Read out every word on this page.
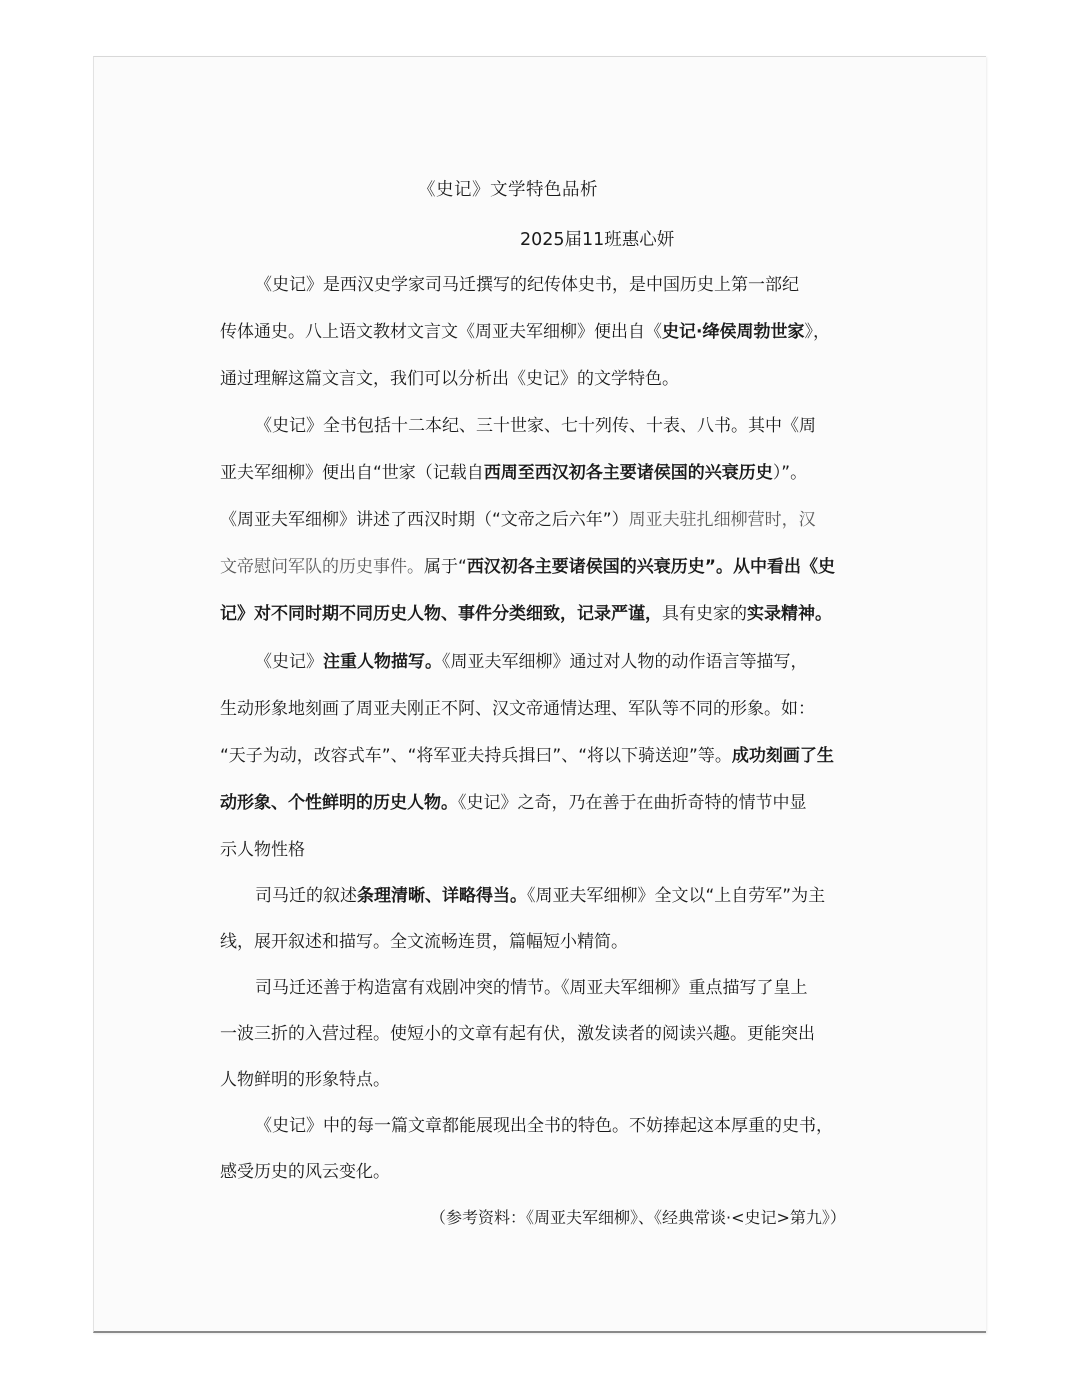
《史记》文学特色品析
2025届11班惠心妍
《史记》是西汉史学家司马迁撰写的纪传体史书，是中国历史上第一部纪
传体通史。八上语文教材文言文《周亚夫军细柳》便出自《史记·绛侯周勃世家》，
通过理解这篇文言文，我们可以分析出《史记》的文学特色。
《史记》全书包括十二本纪、三十世家、七十列传、十表、八书。其中《周
亚夫军细柳》便出自“世家（记载自西周至西汉初各主要诸侯国的兴衰历史）”。
《周亚夫军细柳》讲述了西汉时期（“文帝之后六年”）周亚夫驻扎细柳营时，汉
文帝慰问军队的历史事件。属于“西汉初各主要诸侯国的兴衰历史”。从中看出《史
记》对不同时期不同历史人物、事件分类细致，记录严谨，具有史家的实录精神。
《史记》注重人物描写。《周亚夫军细柳》通过对人物的动作语言等描写，
生动形象地刻画了周亚夫刚正不阿、汉文帝通情达理、军队等不同的形象。如：
“天子为动，改容式车”、“将军亚夫持兵揖曰”、“将以下骑送迎”等。成功刻画了生
动形象、个性鲜明的历史人物。《史记》之奇，乃在善于在曲折奇特的情节中显
示人物性格
司马迁的叙述条理清晰、详略得当。《周亚夫军细柳》全文以“上自劳军”为主
线，展开叙述和描写。全文流畅连贯，篇幅短小精简。
司马迁还善于构造富有戏剧冲突的情节。《周亚夫军细柳》重点描写了皇上
一波三折的入营过程。使短小的文章有起有伏，激发读者的阅读兴趣。更能突出
人物鲜明的形象特点。
《史记》中的每一篇文章都能展现出全书的特色。不妨捧起这本厚重的史书，
感受历史的风云变化。
（参考资料：《周亚夫军细柳》、《经典常谈·<史记>第九》）
